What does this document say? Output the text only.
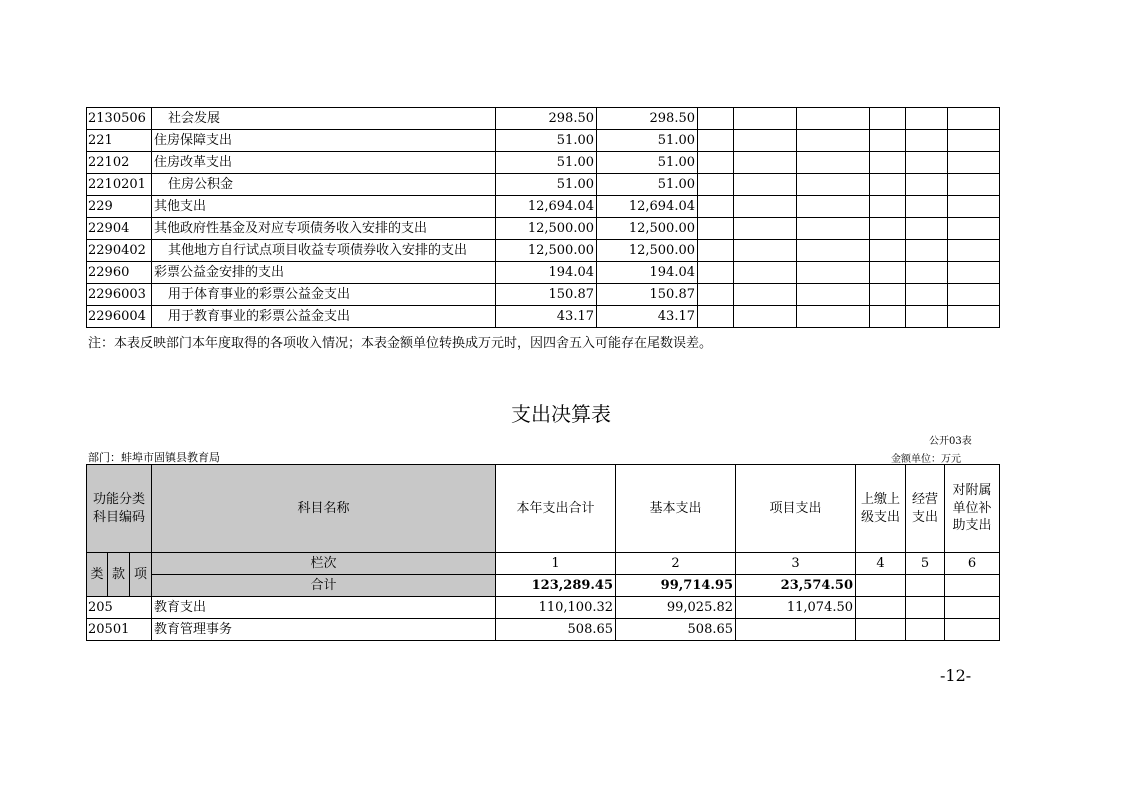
2130506	社会发展	298.50	298.50						
221	住房保障支出	51.00	51.00						
22102	住房改革支出	51.00	51.00						
2210201	住房公积金	51.00	51.00						
229	其他支出	12,694.04	12,694.04						
22904	其他政府性基金及对应专项债务收入安排的支出	12,500.00	12,500.00						
2290402	其他地方自行试点项目收益专项债券收入安排的支出	12,500.00	12,500.00						
22960	彩票公益金安排的支出	194.04	194.04						
2296003	用于体育事业的彩票公益金支出	150.87	150.87						
2296004	用于教育事业的彩票公益金支出	43.17	43.17						
注：本表反映部门本年度取得的各项收入情况；本表金额单位转换成万元时，因四舍五入可能存在尾数误差。
支出决算表
公开03表
部门：蚌埠市固镇县教育局	金额单位：万元
功能分类科目编码			科目名称	本年支出合计	基本支出	项目支出	上缴上级支出	经营支出	对附属单位补助支出
类	款	项	栏次	1	2	3	4	5	6
			合计	123,289.45	99,714.95	23,574.50			
205			教育支出	110,100.32	99,025.82	11,074.50			
20501			教育管理事务	508.65	508.65				
-12-
